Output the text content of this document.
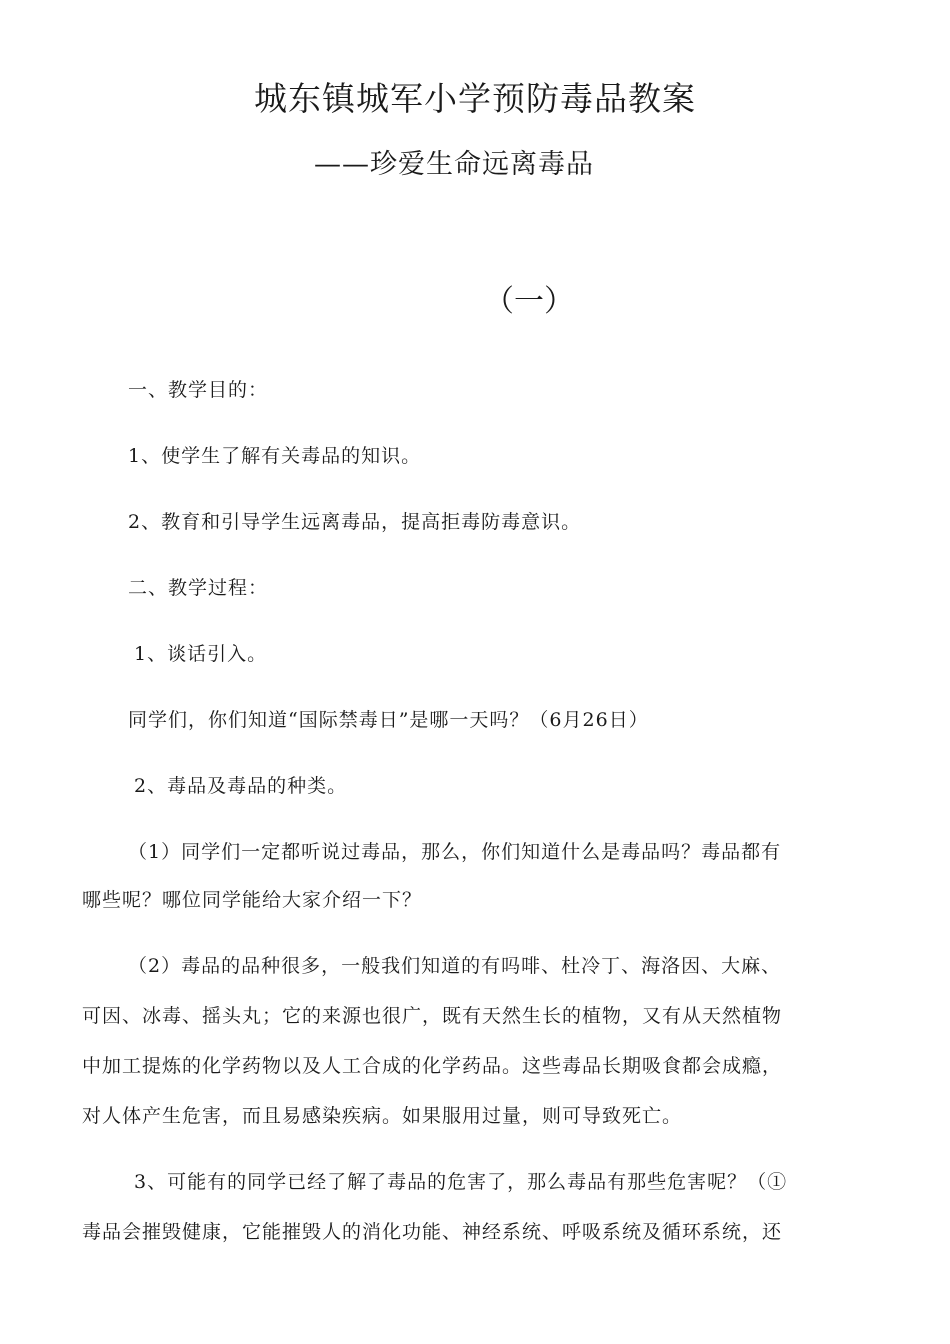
城东镇城军小学预防毒品教案
——珍爱生命远离毒品
（一）
一、教学目的：
1、使学生了解有关毒品的知识。
2、教育和引导学生远离毒品，提高拒毒防毒意识。
二、教学过程：
1、谈话引入。
同学们，你们知道“国际禁毒日”是哪一天吗？（6月26日）
2、毒品及毒品的种类。
（1）同学们一定都听说过毒品，那么，你们知道什么是毒品吗？毒品都有
哪些呢？哪位同学能给大家介绍一下？
（2）毒品的品种很多，一般我们知道的有吗啡、杜冷丁、海洛因、大麻、
可因、冰毒、摇头丸；它的来源也很广，既有天然生长的植物，又有从天然植物
中加工提炼的化学药物以及人工合成的化学药品。这些毒品长期吸食都会成瘾，
对人体产生危害，而且易感染疾病。如果服用过量，则可导致死亡。
3、可能有的同学已经了解了毒品的危害了，那么毒品有那些危害呢？（①
毒品会摧毁健康，它能摧毁人的消化功能、神经系统、呼吸系统及循环系统，还
